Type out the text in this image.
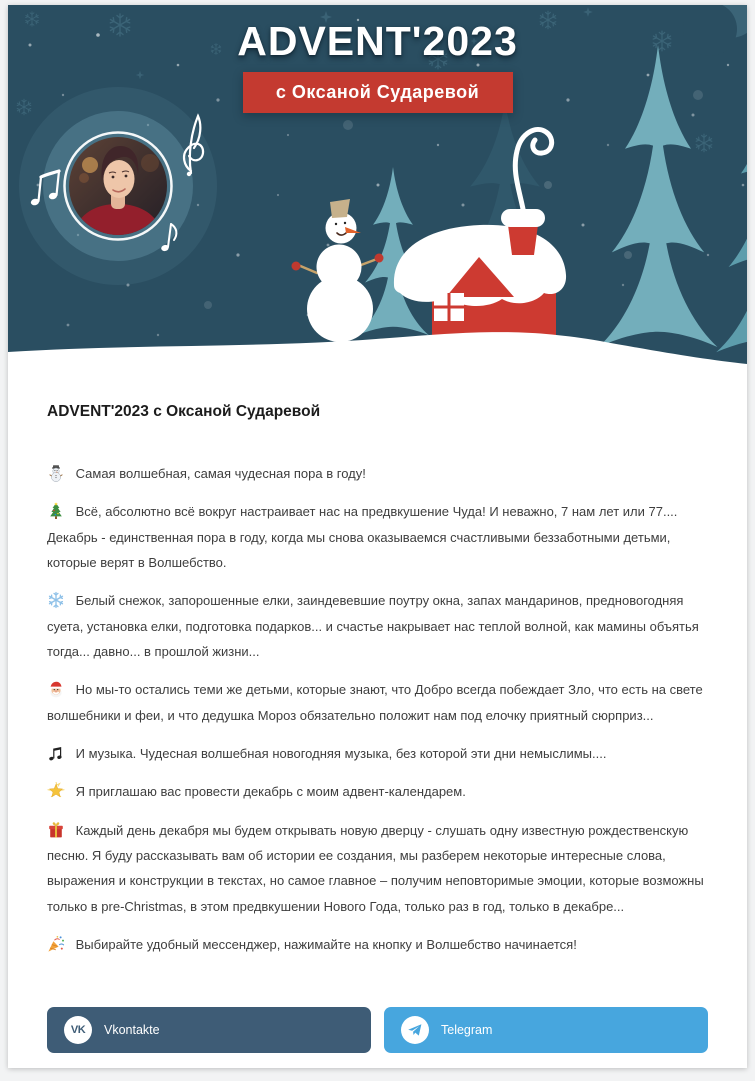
ADVENT'2023
с Оксаной Сударевой
ADVENT'2023 с Оксаной Сударевой

Самая волшебная, самая чудесная пора в году!

Всё, абсолютно всё вокруг настраивает нас на предвкушение Чуда! И неважно, 7 нам лет или 77.... Декабрь - единственная пора в году, когда мы снова оказываемся счастливыми беззаботными детьми, которые верят в Волшебство.

Белый снежок, запорошенные елки, заиндевевшие поутру окна, запах мандаринов, предновогодняя суета, установка елки, подготовка подарков... и счастье накрывает нас теплой волной, как мамины объятья тогда... давно... в прошлой жизни...

Но мы-то остались теми же детьми, которые знают, что Добро всегда побеждает Зло, что есть на свете волшебники и феи, и что дедушка Мороз обязательно положит нам под елочку приятный сюрприз...

И музыка. Чудесная волшебная новогодняя музыка, без которой эти дни немыслимы....

Я приглашаю вас провести декабрь с моим адвент-календарем.

Каждый день декабря мы будем открывать новую дверцу - слушать одну известную рождественскую песню. Я буду рассказывать вам об истории ее создания, мы разберем некоторые интересные слова, выражения и конструкции в текстах, но самое главное – получим неповторимые эмоции, которые возможны только в pre-Christmas, в этом предвкушении Нового Года, только раз в год, только в декабре...

Выбирайте удобный мессенджер, нажимайте на кнопку и Волшебство начинается!

VK Vkontakte	Telegram
